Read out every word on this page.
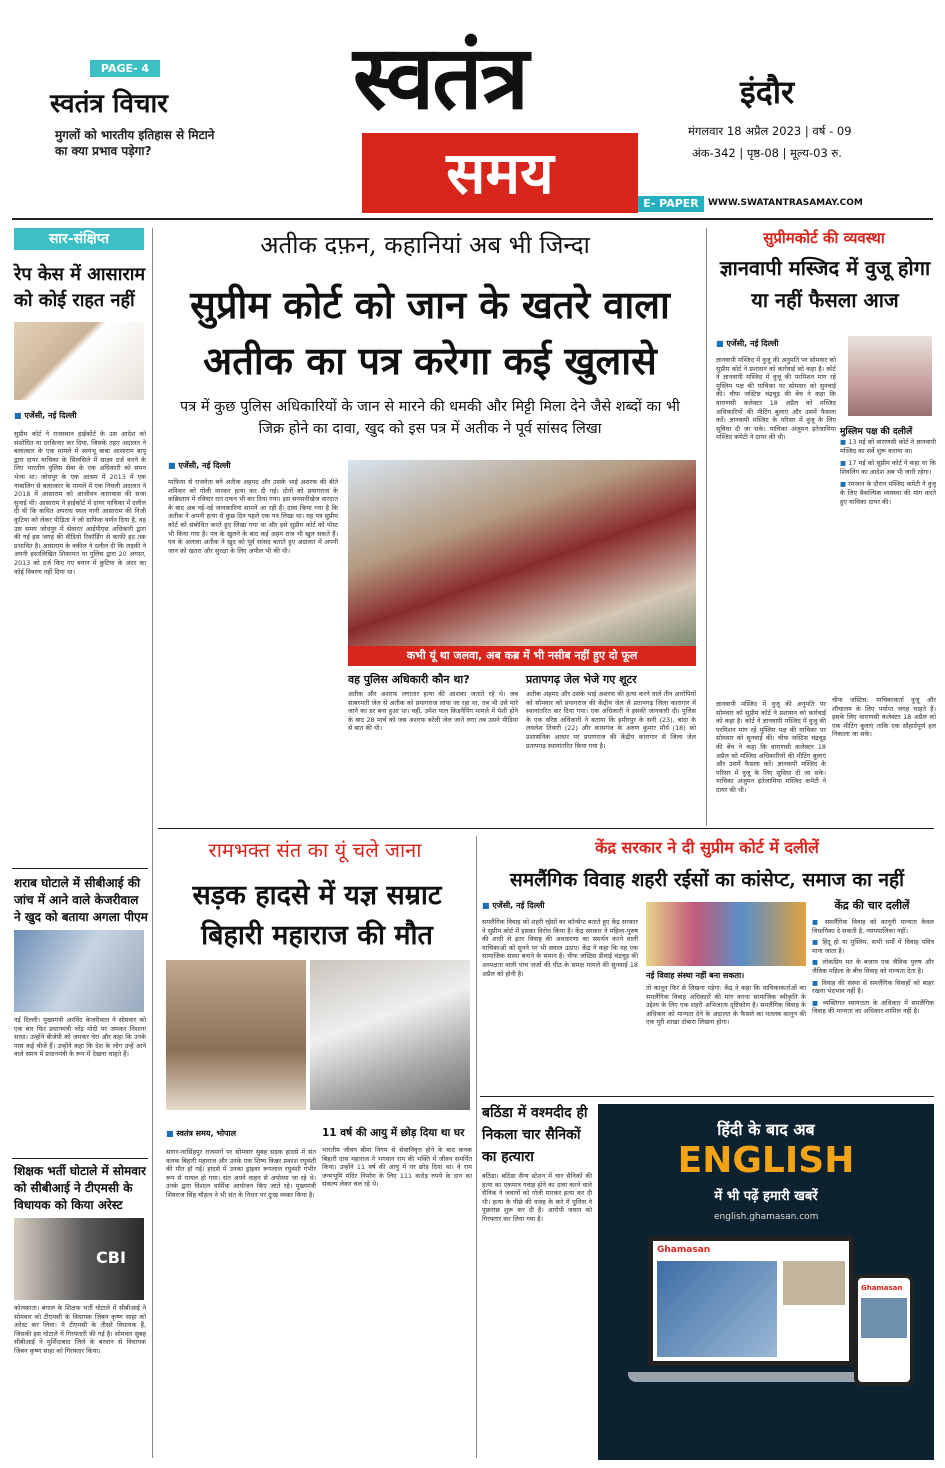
PAGE- 4
स्वतंत्र विचार
मुगलों को भारतीय इतिहास से मिटाने का क्या प्रभाव पड़ेगा?
स्वतंत्र
समय
इंदौर
मंगलवार 18 अप्रैल 2023 | वर्ष - 09
अंक-342 | पृष्ठ-08 | मूल्य-03 रु.
E- PAPER	WWW.SWATANTRASAMAY.COM
सार-संक्षिप्त
रेप केस में आसाराम को कोई राहत नहीं
■ एजेंसी, नई दिल्ली
सुप्रीम कोर्ट ने राजस्थान हाईकोर्ट के उस आदेश को संशोधित या दरकिनार कर दिया, जिसके तहत अदालत ने बलात्कार के एक मामले में स्वयंभू बाबा आसाराम बापू द्वारा दायर याचिका के सिलसिले में साक्ष्य दर्ज करने के लिए भारतीय पुलिस सेवा के एक अधिकारी को समन भेजा था। जोधपुर के एक आश्रम में 2013 में एक नाबालिग से बलात्कार के मामले में एक निचली अदालत ने 2018 में आसाराम को आजीवन कारावास की सजा सुनाई थी। आसाराम ने हाईकोर्ट में दायर याचिका में दलील दी थी कि कथित अपराध स्थल यानी आसाराम की निजी कुटिया को लेकर पीड़िता ने जो ग्राफिक वर्णन दिया है, वह उस समय जोधपुर में सेवारत आईपीएस अधिकारी द्वारा की गई इस जगह की वीडियो रिकॉर्डिंग से काफी हद तक प्रभावित है। आसाराम के वकील ने दलील दी कि लड़की ने अपनी हस्तलिखित शिकायत या पुलिस द्वारा 20 अगस्त, 2013 को दर्ज किए गए बयान में कुटिया के अंदर का कोई विवरण नहीं दिया था।
शराब घोटाले में सीबीआई की जांच में आने वाले केजरीवाल ने खुद को बताया अगला पीएम
नई दिल्ली। मुख्यमंत्री अरविंद केजरीवाल ने सोमवार को एक बार फिर प्रधानमंत्री नरेंद्र मोदी पर जमकर निशाना साधा। उन्होंने बीजेपी को जमकर घेरा और कहा कि उनके पास कई चीजें हैं। उन्होंने कहा कि देश के लोग उन्हें आने वाले समय में प्रधानमंत्री के रूप में देखना चाहते हैं।
शिक्षक भर्ती घोटाले में सोमवार को सीबीआई ने टीएमसी के विधायक को किया अरेस्ट
CBI
कोलकाता। बंगाल के शिक्षक भर्ती घोटाले में सीबीआई ने सोमवार को टीएमसी के विधायक जिबन कृष्ण साहा को अरेस्ट कर लिया। ये टीएमसी के तीसरे विधायक हैं, जिसकी इस घोटाले में गिरफ्तारी की गई है। सोमवार सुबह सीबीआई ने मुर्शिदाबाद जिले के बरवान से विधायक जिबन कृष्ण साहा को गिरफ्तार किया।
अतीक दफ़न, कहानियां अब भी जिन्दा
सुप्रीम कोर्ट को जान के खतरे वाला
अतीक का पत्र करेगा कई खुलासे
पत्र में कुछ पुलिस अधिकारियों के जान से मारने की धमकी और मिट्टी मिला देने जैसे शब्दों का भी जिक्र होने का दावा, खुद को इस पत्र में अतीक ने पूर्व सांसद लिखा
■ एजेंसी, नई दिल्ली
माफिया से राजनेता बने अतीक अहमद और उसके भाई अशरफ की बीते शनिवार को गोली मारकर हत्या कर दी गई। दोनों को प्रयागराज के कब्रिस्तान में रविवार रात दफन भी कर दिया गया। इस सनसनीखेज वारदात के बाद अब नई-नई जानकारियां सामने आ रही हैं। दावा किया गया है कि अतीक ने अपनी हत्या से कुछ दिन पहले एक पत्र लिखा था। यह पत्र सुप्रीम कोर्ट को संबोधित करते हुए लिखा गया था और इसे सुप्रीम कोर्ट को पोस्ट भी किया गया है। पत्र के खुलने के बाद कई अहम राज भी खुल सकते हैं। पत्र के अलावा अतीक ने खुद को पूर्व सांसद बताते हुए अदालत में अपनी जान को खतरा और सुरक्षा के लिए अपील भी की थी।
कभी यूं था जलवा, अब कब्र में भी नसीब नहीं हुए दो फूल
वह पुलिस अधिकारी कौन था?
अतीक और अशरफ लगातार हत्या की आशंका जताते रहे थे। जब साबरमती जेल से अतीक को प्रयागराज लाया जा रहा था, तब भी उसे मारे जाने का डर बना हुआ था। वहीं, उमेश पाल किडनैपिंग मामले में पेशी होने के बाद 28 मार्च को जब अशरफ बरेली जेल जाने लगा तब उसने मीडिया से बात की थी।
प्रतापगढ़ जेल भेजे गए शूटर
अतीक अहमद और उसके भाई अशरफ की हत्या करने वाले तीन आरोपियों को सोमवार को प्रयागराज की केंद्रीय जेल से प्रतापगढ़ जिला कारागार में स्थानांतरित कर दिया गया। एक अधिकारी ने इसकी जानकारी दी। पुलिस के एक वरिष्ठ अधिकारी ने बताया कि हमीरपुर के सनी (23), बांदा के लवलेश तिवारी (22) और कासगंज के अरुण कुमार मौर्य (18) को प्रशासनिक आधार पर प्रयागराज की केंद्रीय कारागार से जिला जेल प्रतापगढ़ स्थानांतरित किया गया है।
सुप्रीमकोर्ट की व्यवस्था
ज्ञानवापी मस्जिद में वुजू होगा या नहीं फैसला आज
■ एजेंसी, नई दिल्ली
ज्ञानवापी मस्जिद में वुजू की अनुमति पर सोमवार को सुप्रीम कोर्ट ने प्रशासन को कार्रवाई को कहा है। कोर्ट ने ज्ञानवापी मस्जिद में वुजू की परमिशन मांग रहे मुस्लिम पक्ष की याचिका पर सोमवार को सुनवाई की। चीफ जस्टिस चंद्रचूड़ की बेंच ने कहा कि वाराणसी कलेक्टर 18 अप्रैल को मस्जिद अधिकारियों की मीटिंग बुलाएं और उसमें फैसला करें। ज्ञानवापी मस्जिद के परिसर में वुजू के लिए सुविधा दी जा सके। याचिका अंजुमन इंतेजामिया मस्जिद कमेटी ने दायर की थी।
मुस्लिम पक्ष की दलीलें
■ 13 मई को वाराणसी कोर्ट ने ज्ञानवापी मस्जिद का सर्वे शुरू कराया था।
■ 17 मई को सुप्रीम कोर्ट ने कहा था कि शिवलिंग का आदेश अब भी जारी रहेगा।
■ रमजान के दौरान मस्जिद कमेटी ने वुजू के लिए वैकल्पिक व्यवस्था की मांग करते हुए याचिका दायर की।
चीफ जस्टिस: याचिकाकर्ता वुजू और शौचालय के लिए पर्याप्त जगह चाहते हैं। इसके लिए वाराणसी कलेक्टर 18 अप्रैल को एक मीटिंग बुलाएं ताकि एक सौहार्दपूर्ण हल निकाला जा सके।
ज्ञानवापी मस्जिद में वुजू की अनुमति पर सोमवार को सुप्रीम कोर्ट ने प्रशासन को कार्रवाई को कहा है। कोर्ट ने ज्ञानवापी मस्जिद में वुजू की परमिशन मांग रहे मुस्लिम पक्ष की याचिका पर सोमवार को सुनवाई की। चीफ जस्टिस चंद्रचूड़ की बेंच ने कहा कि वाराणसी कलेक्टर 18 अप्रैल को मस्जिद अधिकारियों की मीटिंग बुलाएं और उसमें फैसला करें। ज्ञानवापी मस्जिद के परिसर में वुजू के लिए सुविधा दी जा सके। याचिका अंजुमन इंतेजामिया मस्जिद कमेटी ने दायर की थी।
रामभक्त संत का यूं चले जाना
सड़क हादसे में यज्ञ सम्राट बिहारी महाराज की मौत
■ स्वतंत्र समय, भोपाल
सागर-नरसिंहपुर राजमार्ग पर सोमवार सुबह सड़क हादसे में संत कनक बिहारी महाराज और उनके एक शिष्य किन्नर प्रकाश रघुवंशी की मौत हो गई। हादसे में उनका ड्राइवर रूपलाल रघुवंशी गंभीर रूप से घायल हो गया। संत अपने वाहन से अयोध्या जा रहे थे। उनके द्वारा विशाल धार्मिक आयोजन किए जाते रहे। मुख्यमंत्री शिवराज सिंह चौहान ने भी संत के निधन पर दुःख व्यक्त किया है।
11 वर्ष की आयु में छोड़ दिया था घर
भारतीय जीवन बीमा निगम से सेवानिवृत्त होने के बाद कनक बिहारी दास महाराज ने भगवान राम की भक्ति में जीवन समर्पित किया। उन्होंने 11 वर्ष की आयु में घर छोड़ दिया था। वे राम जन्मभूमि मंदिर निर्माण के लिए 111 करोड़ रुपये के दान का संकल्प लेकर चल रहे थे।
केंद्र सरकार ने दी सुप्रीम कोर्ट में दलीलें
समलैंगिक विवाह शहरी रईसों का कांसेप्ट, समाज का नहीं
■ एजेंसी, नई दिल्ली
समलैंगिक विवाह को शहरी रईसों का कॉन्सेप्ट बताते हुए केंद्र सरकार ने सुप्रीम कोर्ट में इसका विरोध किया है। केंद्र सरकार ने महिला-पुरुष की शादी से इतर विवाह की अवधारणा का समर्थन करने वाली याचिकाओं को सुनने पर भी सवाल उठाए। केंद्र ने कहा कि यह एक सामाजिक संस्था बनाने के समान है। चीफ जस्टिस डीवाई चंद्रचूड़ की अध्यक्षता वाली पांच जजों की पीठ के समक्ष मामले की सुनवाई 18 अप्रैल को होनी है।	नई विवाह संस्था नहीं बना सकता।
तो कानून फिर से लिखना पड़ेगा: केंद्र ने कहा कि याचिकाकर्ताओं का समलैंगिक विवाह अधिकारों की मांग करना सामाजिक स्वीकृति के उद्देश्य के लिए एक शहरी अभिजात्य दृष्टिकोण है। समलैंगिक विवाह के अधिकार को मान्यता देने के अदालत के फैसले का मतलब कानून की एक पूरी शाखा दोबारा लिखना होगा।
केंद्र की चार दलीलें
■ समलैंगिक विवाह को कानूनी मान्यता केवल विधायिका दे सकती है, न्यायपालिका नहीं।
■ हिंदू हो या मुस्लिम, सभी धर्मों में विवाह पवित्र माना जाता है।
■ लोकप्रिय मत के बजाय एक जैविक पुरुष और जैविक महिला के बीच विवाह को मान्यता देता है।
■ विवाह की संस्था से समलैंगिक विवाहों को बाहर रखना भेदभाव नहीं है।
■ व्यक्तिगत स्वायत्तता के अधिकार में समलैंगिक विवाह की मान्यता का अधिकार शामिल नहीं है।
बठिंडा में वश्मदीद ही निकला चार सैनिकों का हत्यारा
बठिंडा। बठिंडा सैन्य स्टेशन में चार सैनिकों की हत्या का एकमात्र गवाह होने का दावा करने वाले सैनिक ने जवानों को गोली मारकर हत्या कर दी थी। हत्या के पीछे की वजह के बारे में पुलिस ने पूछताछ शुरू कर दी है। आरोपी जवान को गिरफ्तार कर लिया गया है।
हिंदी के बाद अब
ENGLISH
में भी पढ़ें हमारी खबरें
english.ghamasan.com
Ghamasan
Ghamasan
